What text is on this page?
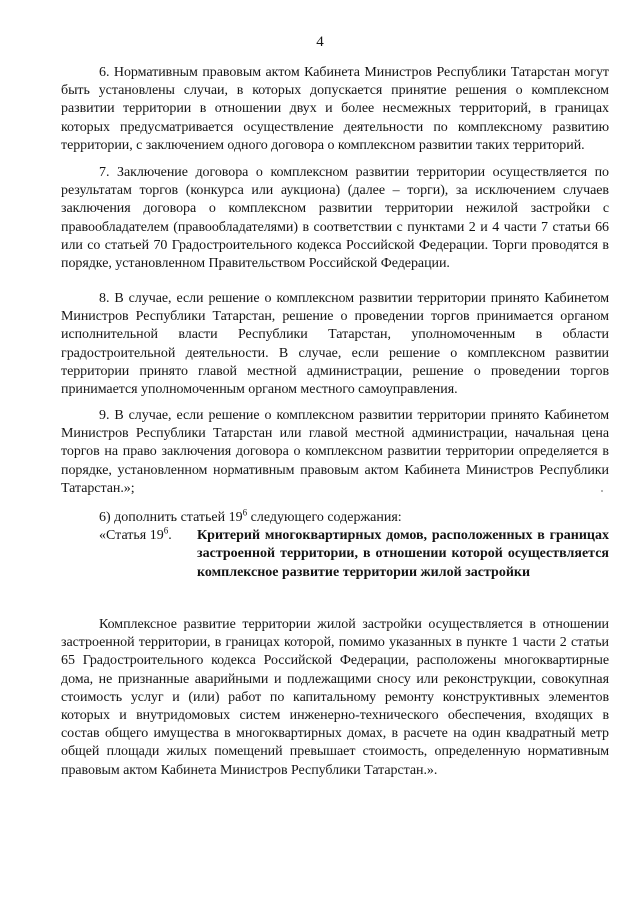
4

6. Нормативным правовым актом Кабинета Министров Республики Татарстан могут быть установлены случаи, в которых допускается принятие решения о комплексном развитии территории в отношении двух и более несмежных территорий, в границах которых предусматривается осуществление деятельности по комплексному развитию территории, с заключением одного договора о комплексном развитии таких территорий.

7. Заключение договора о комплексном развитии территории осуществляется по результатам торгов (конкурса или аукциона) (далее – торги), за исключением случаев заключения договора о комплексном развитии территории нежилой застройки с правообладателем (правообладателями) в соответствии с пунктами 2 и 4 части 7 статьи 66 или со статьей 70 Градостроительного кодекса Российской Федерации. Торги проводятся в порядке, установленном Правительством Российской Федерации.

8. В случае, если решение о комплексном развитии территории принято Кабинетом Министров Республики Татарстан, решение о проведении торгов принимается органом исполнительной власти Республики Татарстан, уполномоченным в области градостроительной деятельности. В случае, если решение о комплексном развитии территории принято главой местной администрации, решение о проведении торгов принимается уполномоченным органом местного самоуправления.

9. В случае, если решение о комплексном развитии территории принято Кабинетом Министров Республики Татарстан или главой местной администрации, начальная цена торгов на право заключения договора о комплексном развитии территории определяется в порядке, установленном нормативным правовым актом Кабинета Министров Республики Татарстан.»;

6) дополнить статьей $19^6$ следующего содержания:

«Статья $19^6$. Критерий многоквартирных домов, расположенных в границах застроенной территории, в отношении которой осуществляется комплексное развитие территории жилой застройки

Комплексное развитие территории жилой застройки осуществляется в отношении застроенной территории, в границах которой, помимо указанных в пункте 1 части 2 статьи 65 Градостроительного кодекса Российской Федерации, расположены многоквартирные дома, не признанные аварийными и подлежащими сносу или реконструкции, совокупная стоимость услуг и (или) работ по капитальному ремонту конструктивных элементов которых и внутридомовых систем инженерно-технического обеспечения, входящих в состав общего имущества в многоквартирных домах, в расчете на один квадратный метр общей площади жилых помещений превышает стоимость, определенную нормативным правовым актом Кабинета Министров Республики Татарстан.».
